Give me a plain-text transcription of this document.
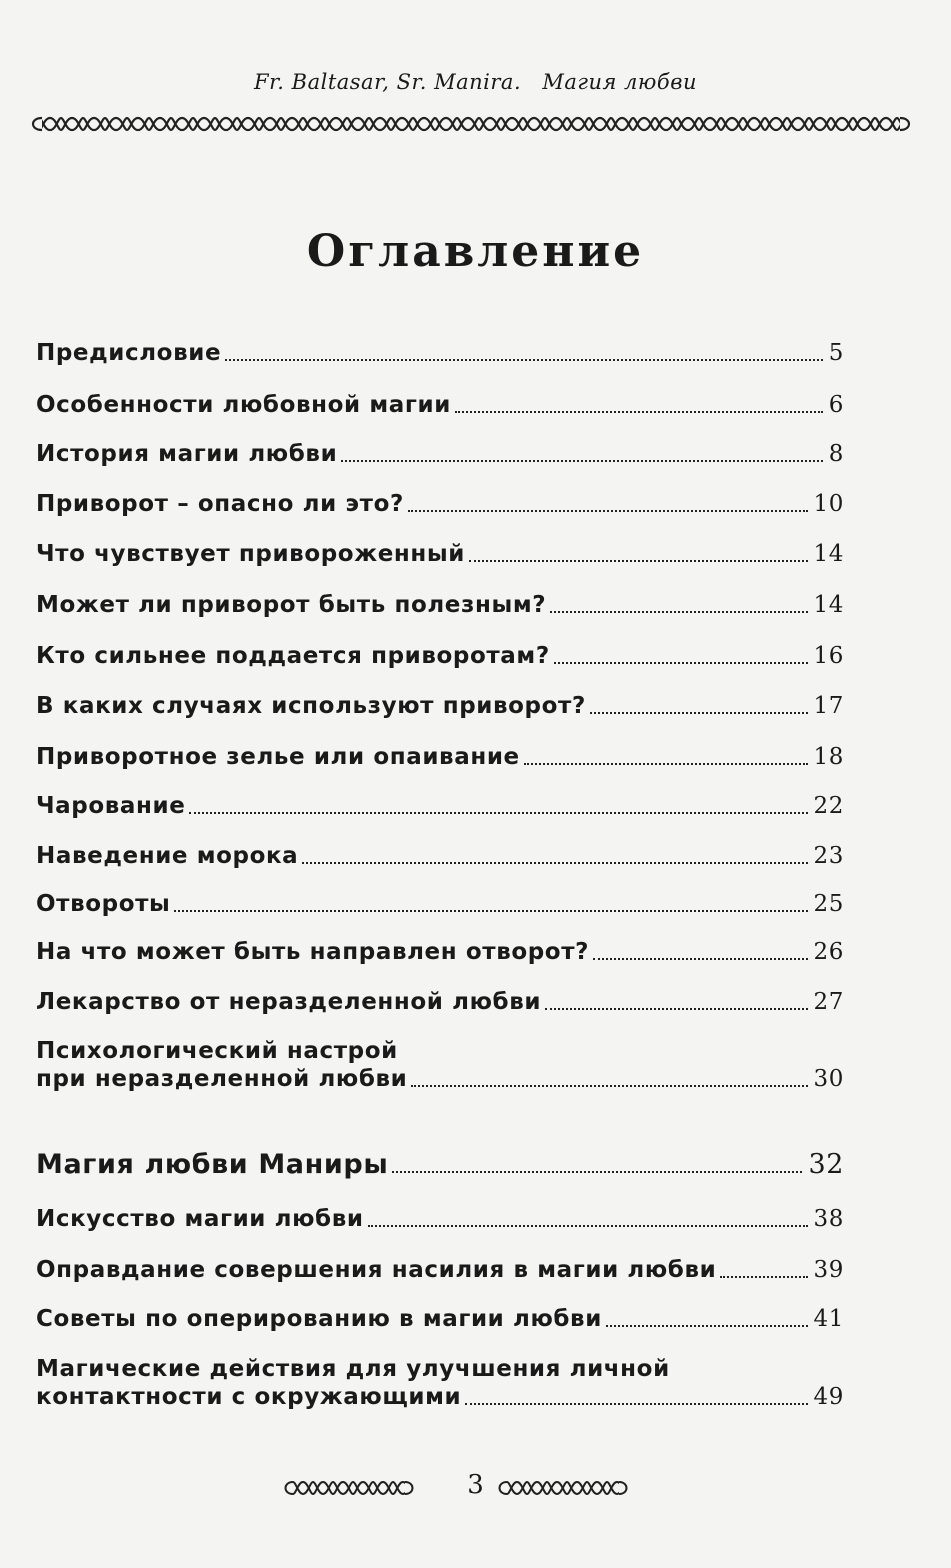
Fr. Baltasar, Sr. Manira. Магия любви
Оглавление
Предисловие	5
Особенности любовной магии	6
История магии любви	8
Приворот – опасно ли это?	10
Что чувствует привороженный	14
Может ли приворот быть полезным?	14
Кто сильнее поддается приворотам?	16
В каких случаях используют приворот?	17
Приворотное зелье или опаивание	18
Чарование	22
Наведение морока	23
Отвороты	25
На что может быть направлен отворот?	26
Лекарство от неразделенной любви	27
Психологический настрой
при неразделенной любви	30
Магия любви Маниры	32
Искусство магии любви	38
Оправдание совершения насилия в магии любви	39
Советы по оперированию в магии любви	41
Магические действия для улучшения личной
контактности с окружающими	49
3
